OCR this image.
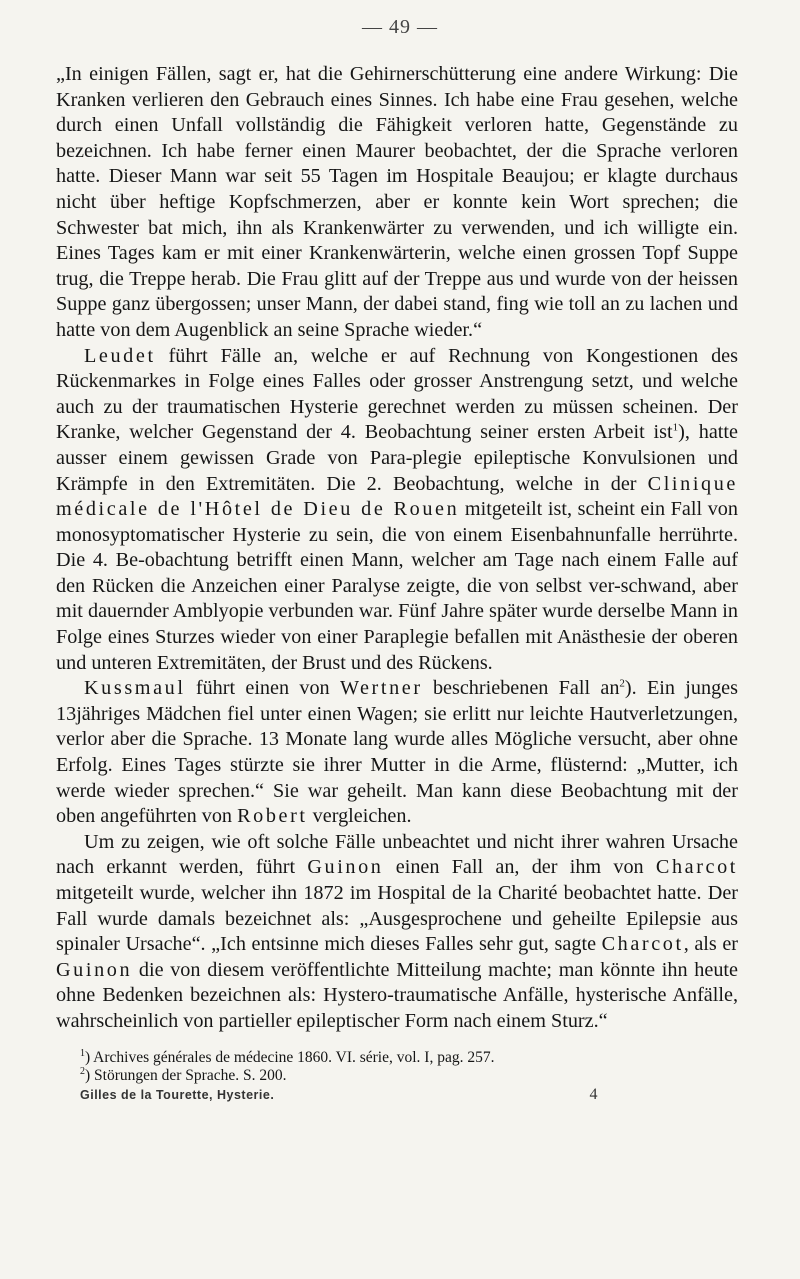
— 49 —

„In einigen Fällen, sagt er, hat die Gehirnerschütterung eine andere Wirkung: Die Kranken verlieren den Gebrauch eines Sinnes. Ich habe eine Frau gesehen, welche durch einen Unfall vollständig die Fähigkeit verloren hatte, Gegenstände zu bezeichnen. Ich habe ferner einen Maurer beobachtet, der die Sprache verloren hatte. Dieser Mann war seit 55 Tagen im Hospitale Beaujou; er klagte durchaus nicht über heftige Kopfschmerzen, aber er konnte kein Wort sprechen; die Schwester bat mich, ihn als Krankenwärter zu verwenden, und ich willigte ein. Eines Tages kam er mit einer Krankenwärterin, welche einen grossen Topf Suppe trug, die Treppe herab. Die Frau glitt auf der Treppe aus und wurde von der heissen Suppe ganz übergossen; unser Mann, der dabei stand, fing wie toll an zu lachen und hatte von dem Augenblick an seine Sprache wieder.“

Leudet führt Fälle an, welche er auf Rechnung von Kongestionen des Rückenmarkes in Folge eines Falles oder grosser Anstrengung setzt, und welche auch zu der traumatischen Hysterie gerechnet werden zu müssen scheinen. Der Kranke, welcher Gegenstand der 4. Beobachtung seiner ersten Arbeit ist$^1$), hatte ausser einem gewissen Grade von Para-plegie epileptische Konvulsionen und Krämpfe in den Extremitäten. Die 2. Beobachtung, welche in der Clinique médicale de l'Hôtel de Dieu de Rouen mitgeteilt ist, scheint ein Fall von monosyptomatischer Hysterie zu sein, die von einem Eisenbahnunfalle herrührte. Die 4. Be-obachtung betrifft einen Mann, welcher am Tage nach einem Falle auf den Rücken die Anzeichen einer Paralyse zeigte, die von selbst ver-schwand, aber mit dauernder Amblyopie verbunden war. Fünf Jahre später wurde derselbe Mann in Folge eines Sturzes wieder von einer Paraplegie befallen mit Anästhesie der oberen und unteren Extremitäten, der Brust und des Rückens.

Kussmaul führt einen von Wertner beschriebenen Fall an$^2$). Ein junges 13jähriges Mädchen fiel unter einen Wagen; sie erlitt nur leichte Hautverletzungen, verlor aber die Sprache. 13 Monate lang wurde alles Mögliche versucht, aber ohne Erfolg. Eines Tages stürzte sie ihrer Mutter in die Arme, flüsternd: „Mutter, ich werde wieder sprechen.“ Sie war geheilt. Man kann diese Beobachtung mit der oben angeführten von Robert vergleichen.

Um zu zeigen, wie oft solche Fälle unbeachtet und nicht ihrer wahren Ursache nach erkannt werden, führt Guinon einen Fall an, der ihm von Charcot mitgeteilt wurde, welcher ihn 1872 im Hospital de la Charité beobachtet hatte. Der Fall wurde damals bezeichnet als: „Ausgesprochene und geheilte Epilepsie aus spinaler Ursache“. „Ich entsinne mich dieses Falles sehr gut, sagte Charcot, als er Guinon die von diesem veröffentlichte Mitteilung machte; man könnte ihn heute ohne Bedenken bezeichnen als: Hystero-traumatische Anfälle, hysterische Anfälle, wahrscheinlich von partieller epileptischer Form nach einem Sturz.“

$^1$) Archives générales de médecine 1860. VI. série, vol. I, pag. 257.
$^2$) Störungen der Sprache. S. 200.
Gilles de la Tourette, Hysterie.	4
